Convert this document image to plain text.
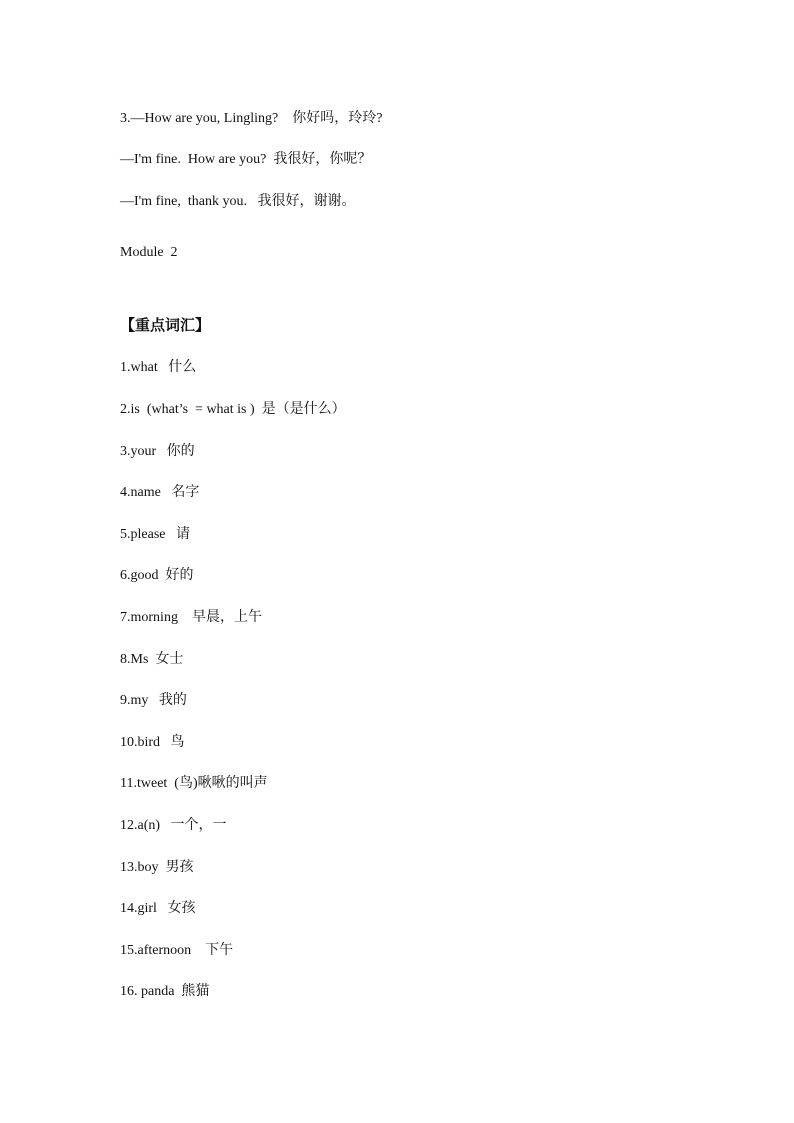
3.—How are you, Lingling?    你好吗，玲玲?
—I'm fine.  How are you?  我很好，你呢？
—I'm fine,  thank you.   我很好，谢谢。
Module  2
【重点词汇】
1.what   什么
2.is  (what’s  = what is )  是（是什么）
3.your   你的
4.name   名字
5.please   请
6.good  好的
7.morning    早晨，上午
8.Ms  女士
9.my   我的
10.bird   鸟
11.tweet  (鸟)啾啾的叫声
12.a(n)   一个，一
13.boy  男孩
14.girl   女孩
15.afternoon    下午
16. panda  熊猫
